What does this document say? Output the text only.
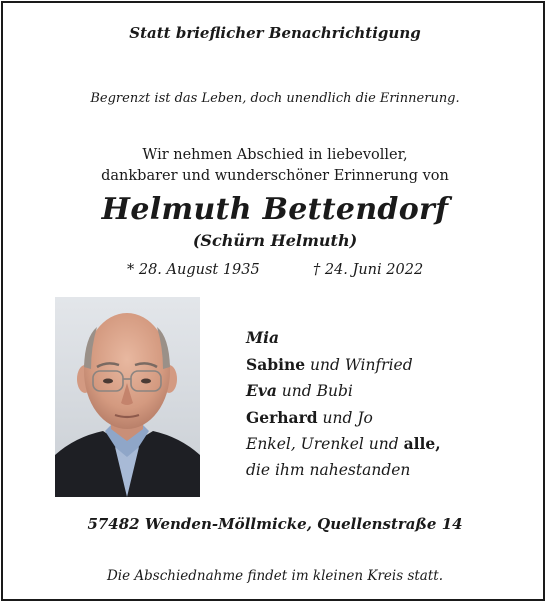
Statt brieflicher Benachrichtigung
Begrenzt ist das Leben, doch unendlich die Erinnerung.
Wir nehmen Abschied in liebevoller,
dankbarer und wunderschöner Erinnerung von
Helmuth Bettendorf
(Schürn Helmuth)
* 28. August 1935	† 24. Juni 2022
Mia
Sabine und Winfried
Eva und Bubi
Gerhard und Jo
Enkel, Urenkel und alle,
die ihm nahestanden
57482 Wenden-Möllmicke, Quellenstraße 14
Die Abschiednahme findet im kleinen Kreis statt.
